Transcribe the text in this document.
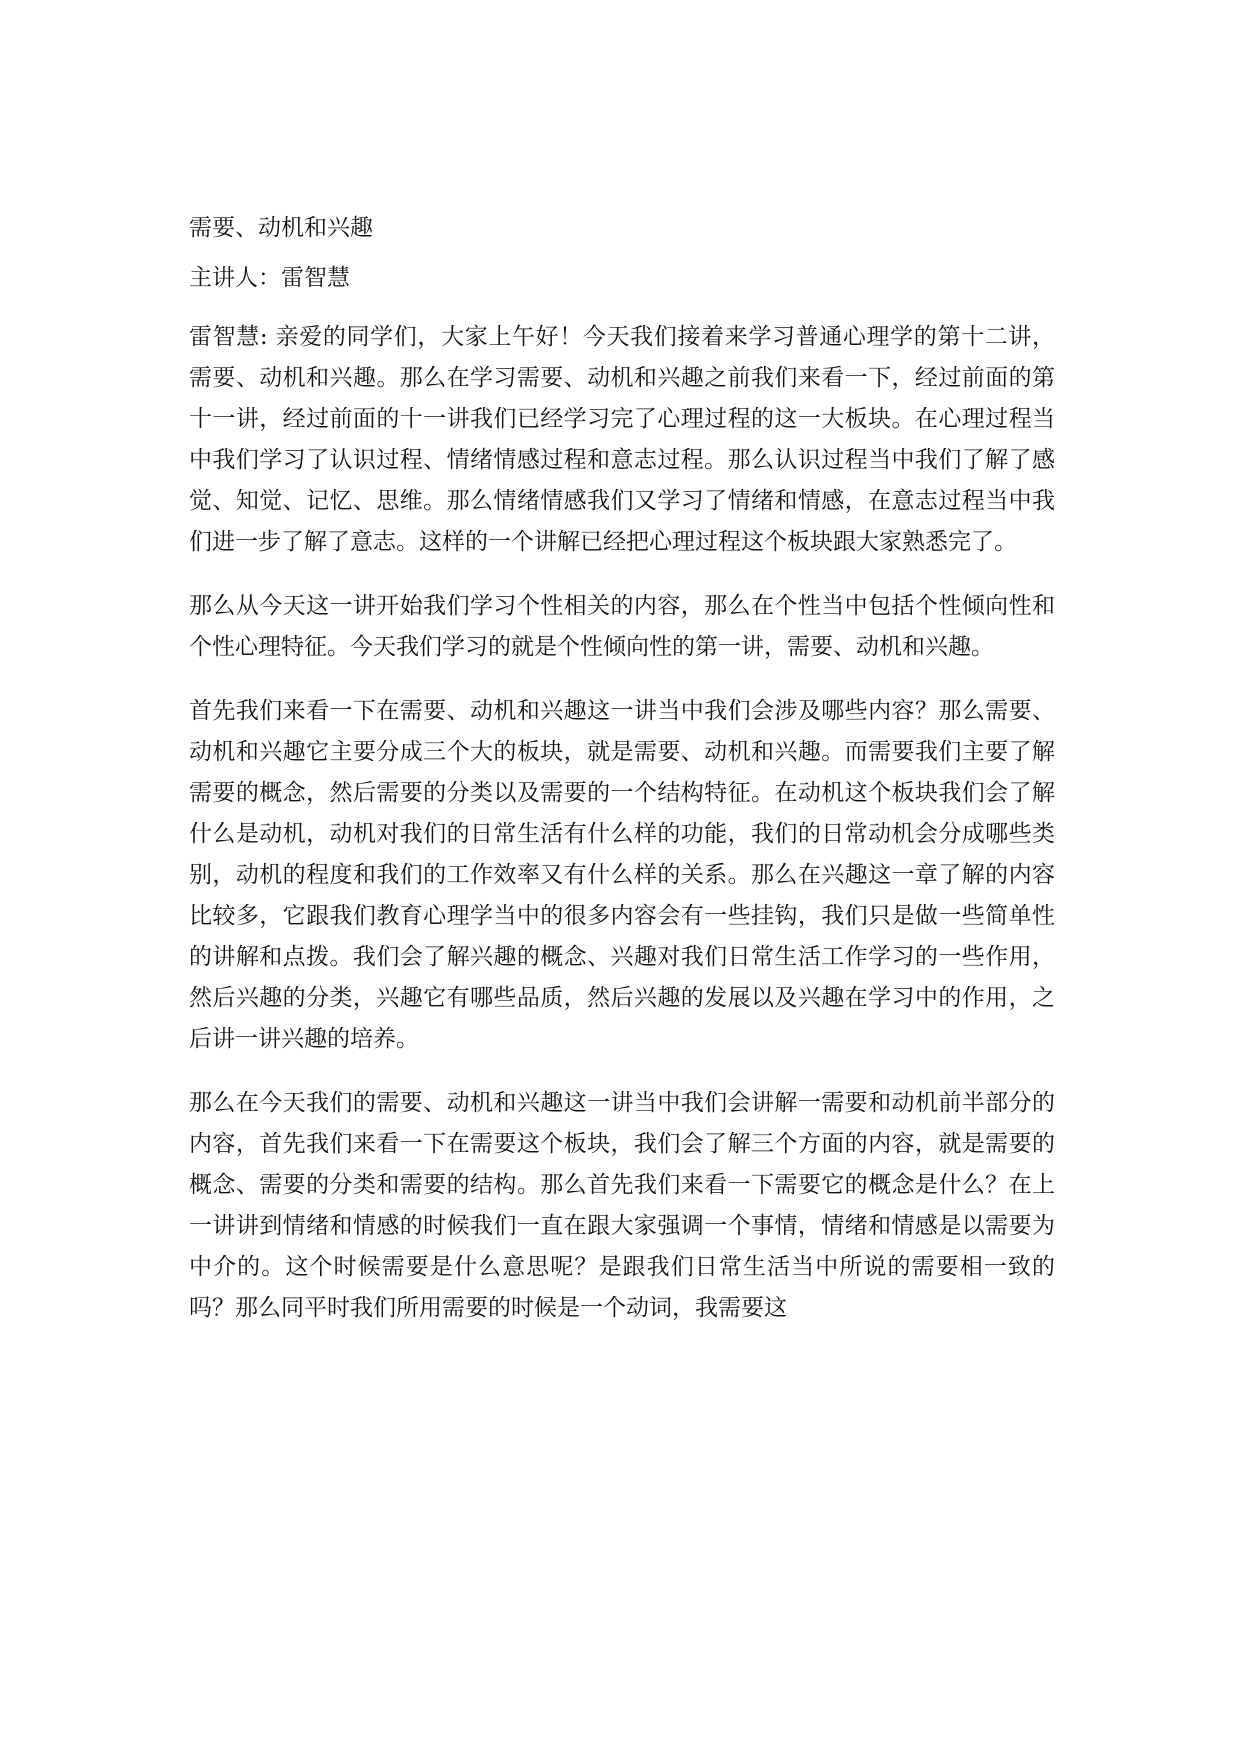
需要、动机和兴趣

主讲人：雷智慧

雷智慧: 亲爱的同学们，大家上午好！今天我们接着来学习普通心理学的第十二讲，需要、动机和兴趣。那么在学习需要、动机和兴趣之前我们来看一下，经过前面的第十一讲，经过前面的十一讲我们已经学习完了心理过程的这一大板块。在心理过程当中我们学习了认识过程、情绪情感过程和意志过程。那么认识过程当中我们了解了感觉、知觉、记忆、思维。那么情绪情感我们又学习了情绪和情感，在意志过程当中我们进一步了解了意志。这样的一个讲解已经把心理过程这个板块跟大家熟悉完了。

那么从今天这一讲开始我们学习个性相关的内容，那么在个性当中包括个性倾向性和个性心理特征。今天我们学习的就是个性倾向性的第一讲，需要、动机和兴趣。

首先我们来看一下在需要、动机和兴趣这一讲当中我们会涉及哪些内容？那么需要、动机和兴趣它主要分成三个大的板块，就是需要、动机和兴趣。而需要我们主要了解需要的概念，然后需要的分类以及需要的一个结构特征。在动机这个板块我们会了解什么是动机，动机对我们的日常生活有什么样的功能，我们的日常动机会分成哪些类别，动机的程度和我们的工作效率又有什么样的关系。那么在兴趣这一章了解的内容比较多，它跟我们教育心理学当中的很多内容会有一些挂钩，我们只是做一些简单性的讲解和点拨。我们会了解兴趣的概念、兴趣对我们日常生活工作学习的一些作用，然后兴趣的分类，兴趣它有哪些品质，然后兴趣的发展以及兴趣在学习中的作用，之后讲一讲兴趣的培养。

那么在今天我们的需要、动机和兴趣这一讲当中我们会讲解一需要和动机前半部分的内容，首先我们来看一下在需要这个板块，我们会了解三个方面的内容，就是需要的概念、需要的分类和需要的结构。那么首先我们来看一下需要它的概念是什么？在上一讲讲到情绪和情感的时候我们一直在跟大家强调一个事情，情绪和情感是以需要为中介的。这个时候需要是什么意思呢？是跟我们日常生活当中所说的需要相一致的吗？那么同平时我们所用需要的时候是一个动词，我需要这
